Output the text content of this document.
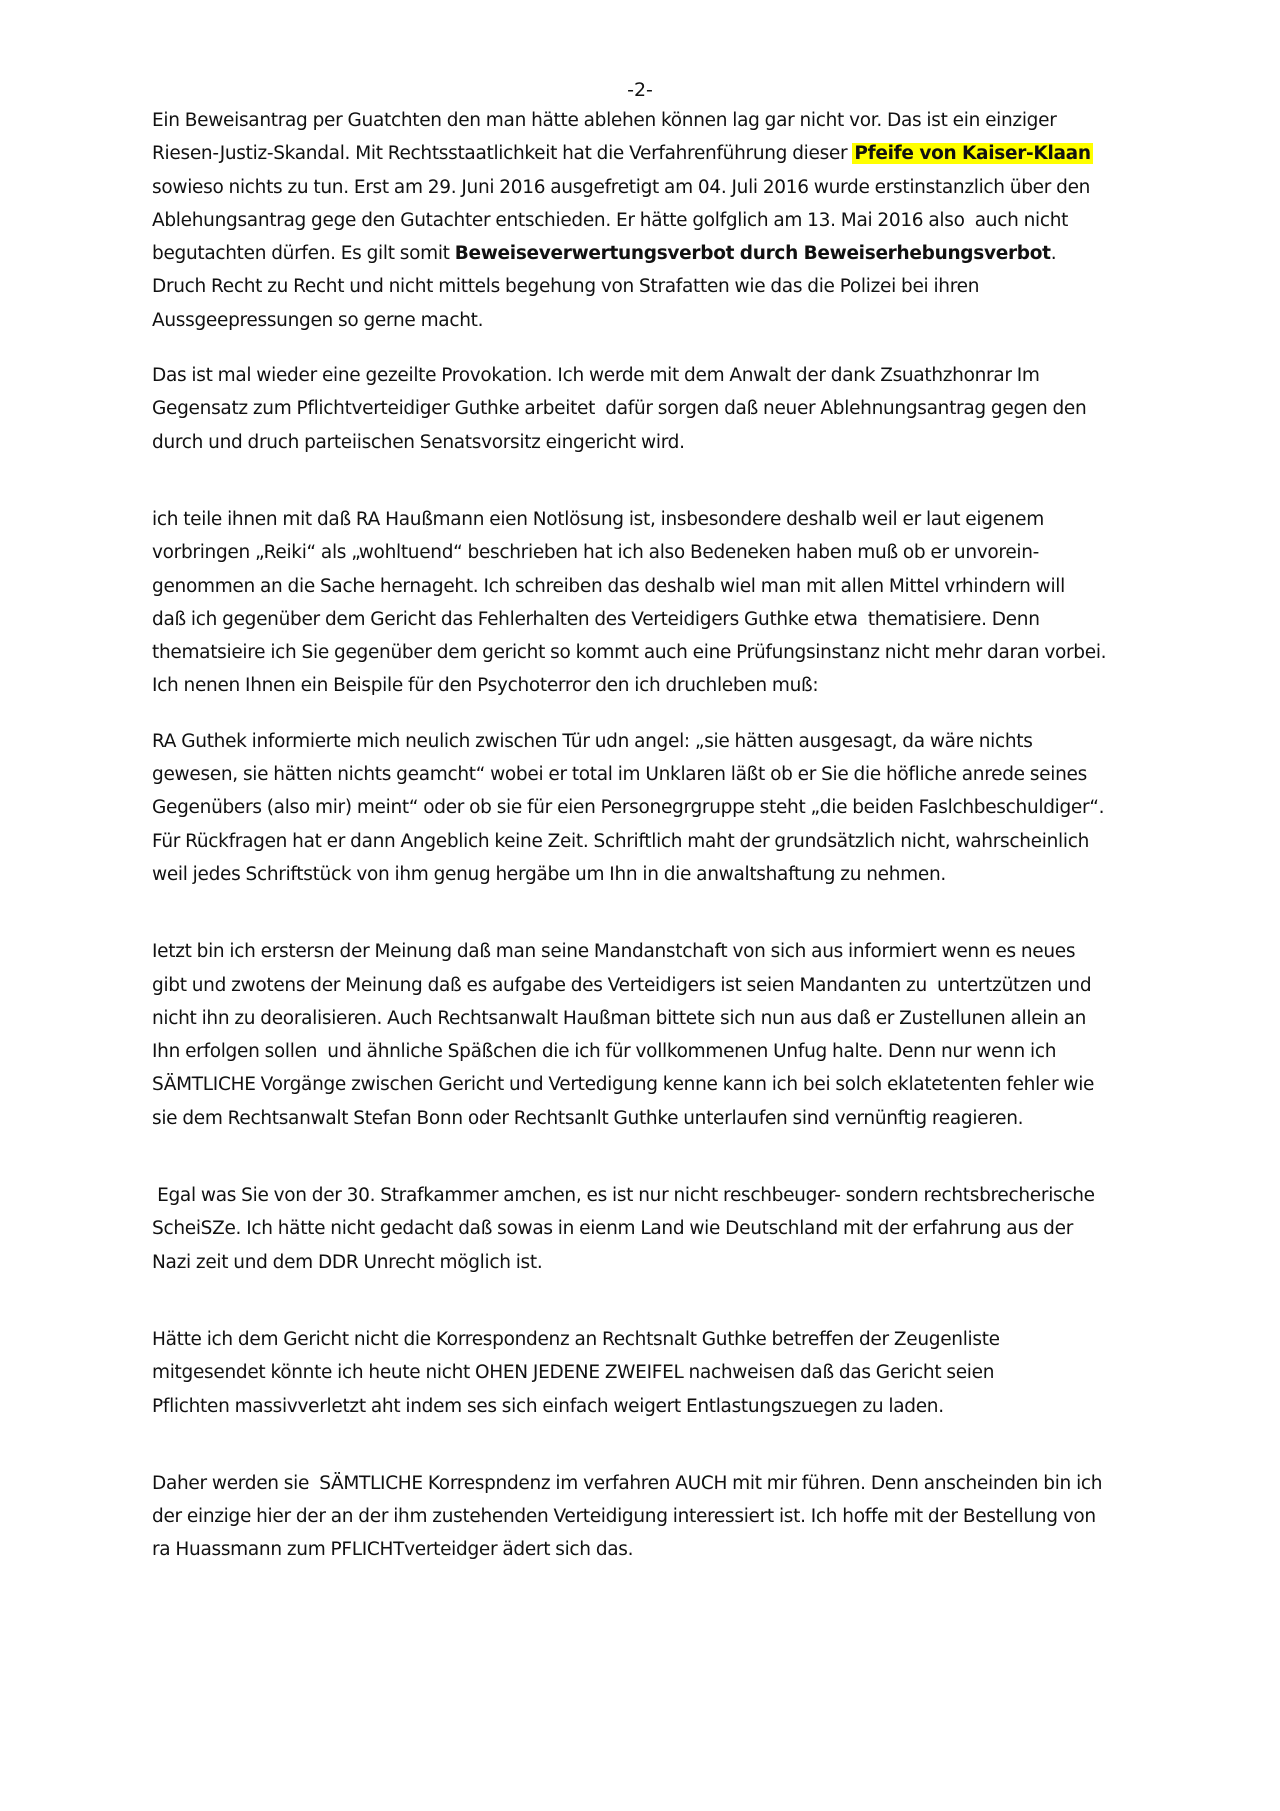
-2-
Ein Beweisantrag per Guatchten den man hätte ablehen können lag gar nicht vor. Das ist ein einziger
Riesen-Justiz-Skandal. Mit Rechtsstaatlichkeit hat die Verfahrenführung dieser Pfeife von Kaiser-Klaan
sowieso nichts zu tun. Erst am 29. Juni 2016 ausgefretigt am 04. Juli 2016 wurde erstinstanzlich über den
Ablehungsantrag gege den Gutachter entschieden. Er hätte golfglich am 13. Mai 2016 also  auch nicht
begutachten dürfen. Es gilt somit Beweiseverwertungsverbot durch Beweiserhebungsverbot.
Druch Recht zu Recht und nicht mittels begehung von Strafatten wie das die Polizei bei ihren
Aussgeepressungen so gerne macht.
Das ist mal wieder eine gezeilte Provokation. Ich werde mit dem Anwalt der dank Zsuathzhonrar Im
Gegensatz zum Pflichtverteidiger Guthke arbeitet  dafür sorgen daß neuer Ablehnungsantrag gegen den
durch und druch parteiischen Senatsvorsitz eingericht wird.
ich teile ihnen mit daß RA Haußmann eien Notlösung ist, insbesondere deshalb weil er laut eigenem
vorbringen „Reiki“ als „wohltuend“ beschrieben hat ich also Bedeneken haben muß ob er unvorein-
genommen an die Sache hernageht. Ich schreiben das deshalb wiel man mit allen Mittel vrhindern will
daß ich gegenüber dem Gericht das Fehlerhalten des Verteidigers Guthke etwa  thematisiere. Denn
thematsieire ich Sie gegenüber dem gericht so kommt auch eine Prüfungsinstanz nicht mehr daran vorbei.
Ich nenen Ihnen ein Beispile für den Psychoterror den ich druchleben muß:
RA Guthek informierte mich neulich zwischen Tür udn angel: „sie hätten ausgesagt, da wäre nichts
gewesen, sie hätten nichts geamcht“ wobei er total im Unklaren läßt ob er Sie die höfliche anrede seines
Gegenübers (also mir) meint“ oder ob sie für eien Personegrgruppe steht „die beiden Faslchbeschuldiger“.
Für Rückfragen hat er dann Angeblich keine Zeit. Schriftlich maht der grundsätzlich nicht, wahrscheinlich
weil jedes Schriftstück von ihm genug hergäbe um Ihn in die anwaltshaftung zu nehmen.
Ietzt bin ich erstersn der Meinung daß man seine Mandanstchaft von sich aus informiert wenn es neues
gibt und zwotens der Meinung daß es aufgabe des Verteidigers ist seien Mandanten zu  untertzützen und
nicht ihn zu deoralisieren. Auch Rechtsanwalt Haußman bittete sich nun aus daß er Zustellunen allein an
Ihn erfolgen sollen  und ähnliche Späßchen die ich für vollkommenen Unfug halte. Denn nur wenn ich
SÄMTLICHE Vorgänge zwischen Gericht und Vertedigung kenne kann ich bei solch eklatetenten fehler wie
sie dem Rechtsanwalt Stefan Bonn oder Rechtsanlt Guthke unterlaufen sind vernünftig reagieren.
Egal was Sie von der 30. Strafkammer amchen, es ist nur nicht reschbeuger- sondern rechtsbrecherische
ScheiSZe. Ich hätte nicht gedacht daß sowas in eienm Land wie Deutschland mit der erfahrung aus der
Nazi zeit und dem DDR Unrecht möglich ist.
Hätte ich dem Gericht nicht die Korrespondenz an Rechtsnalt Guthke betreffen der Zeugenliste
mitgesendet könnte ich heute nicht OHEN JEDENE ZWEIFEL nachweisen daß das Gericht seien
Pflichten massivverletzt aht indem ses sich einfach weigert Entlastungszuegen zu laden.
Daher werden sie  SÄMTLICHE Korrespndenz im verfahren AUCH mit mir führen. Denn anscheinden bin ich
der einzige hier der an der ihm zustehenden Verteidigung interessiert ist. Ich hoffe mit der Bestellung von
ra Huassmann zum PFLICHTverteidger ädert sich das.
